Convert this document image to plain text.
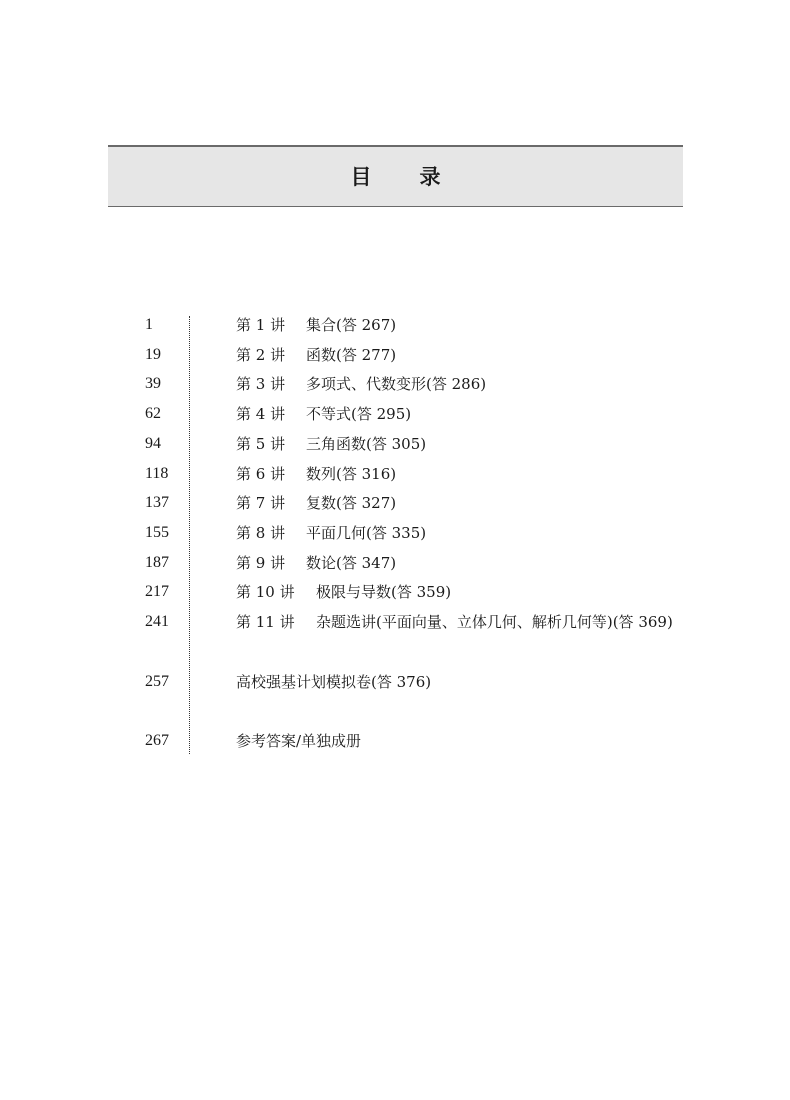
目 录
1	第 1 讲 集合(答 267)
19	第 2 讲 函数(答 277)
39	第 3 讲 多项式、代数变形(答 286)
62	第 4 讲 不等式(答 295)
94	第 5 讲 三角函数(答 305)
118	第 6 讲 数列(答 316)
137	第 7 讲 复数(答 327)
155	第 8 讲 平面几何(答 335)
187	第 9 讲 数论(答 347)
217	第 10 讲 极限与导数(答 359)
241	第 11 讲 杂题选讲(平面向量、立体几何、解析几何等)(答 369)
257	高校强基计划模拟卷(答 376)
267	参考答案/单独成册
